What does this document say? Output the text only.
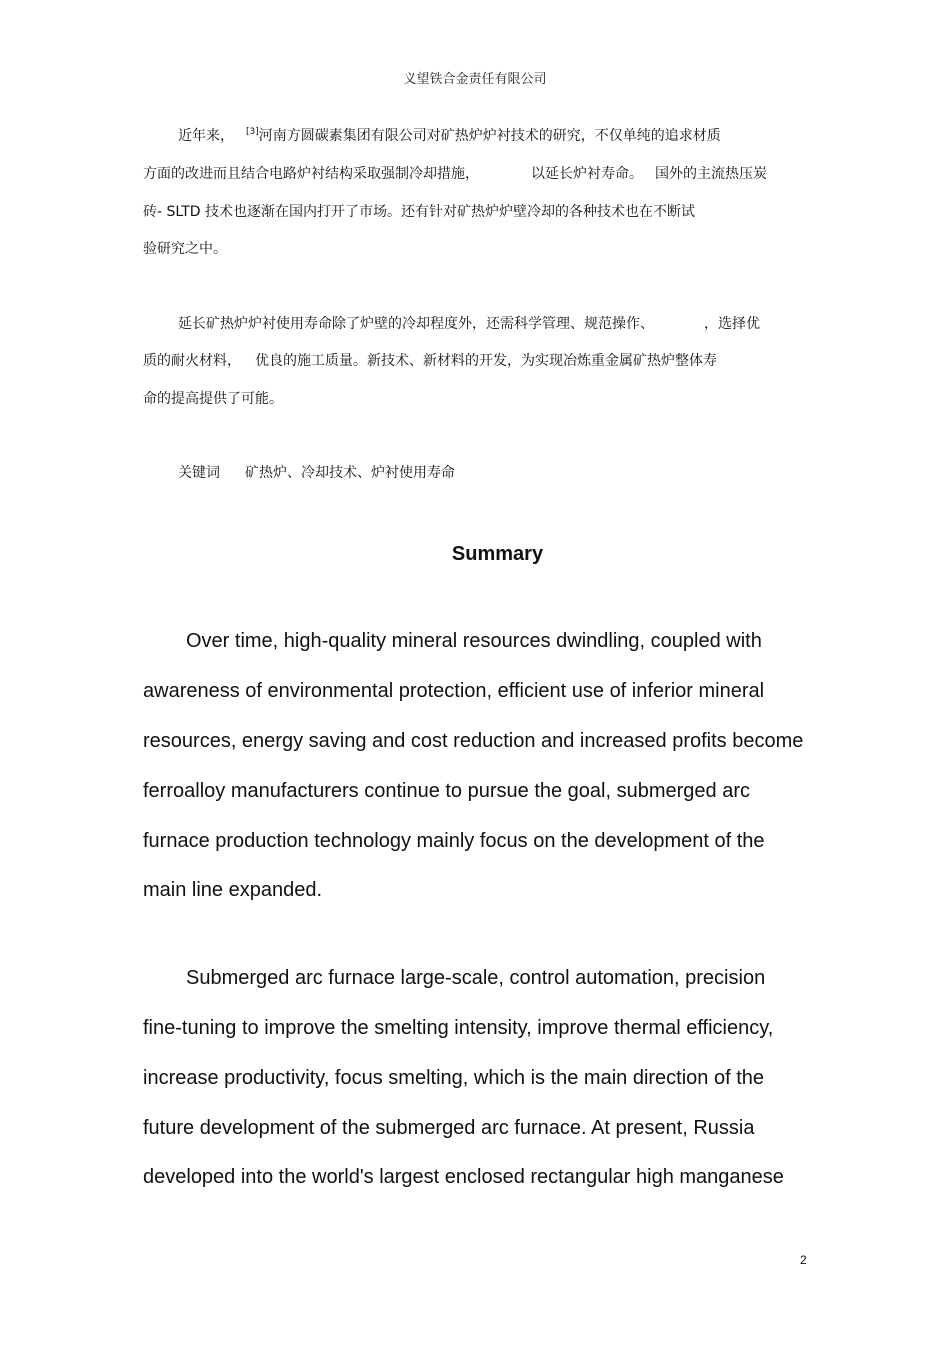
义望铁合金责任有限公司
近年来， [3]河南方圆碳素集团有限公司对矿热炉炉衬技术的研究，不仅单纯的追求材质
方面的改进而且结合电路炉衬结构采取强制冷却措施，	以延长炉衬寿命。 国外的主流热压炭
砖- SLTD 技术也逐渐在国内打开了市场。还有针对矿热炉炉壁冷却的各种技术也在不断试
验研究之中。
延长矿热炉炉衬使用寿命除了炉壁的冷却程度外，还需科学管理、规范操作、	，选择优
质的耐火材料， 优良的施工质量。新技术、新材料的开发，为实现冶炼重金属矿热炉整体寿
命的提高提供了可能。
关键词 矿热炉、冷却技术、炉衬使用寿命
Summary
Over time, high-quality mineral resources dwindling, coupled with
awareness of environmental protection, efficient use of inferior mineral
resources, energy saving and cost reduction and increased profits become
ferroalloy manufacturers continue to pursue the goal, submerged arc
furnace production technology mainly focus on the development of the
main line expanded.
Submerged arc furnace large-scale, control automation, precision
fine-tuning to improve the smelting intensity, improve thermal efficiency,
increase productivity, focus smelting, which is the main direction of the
future development of the submerged arc furnace. At present, Russia
developed into the world's largest enclosed rectangular high manganese
2
